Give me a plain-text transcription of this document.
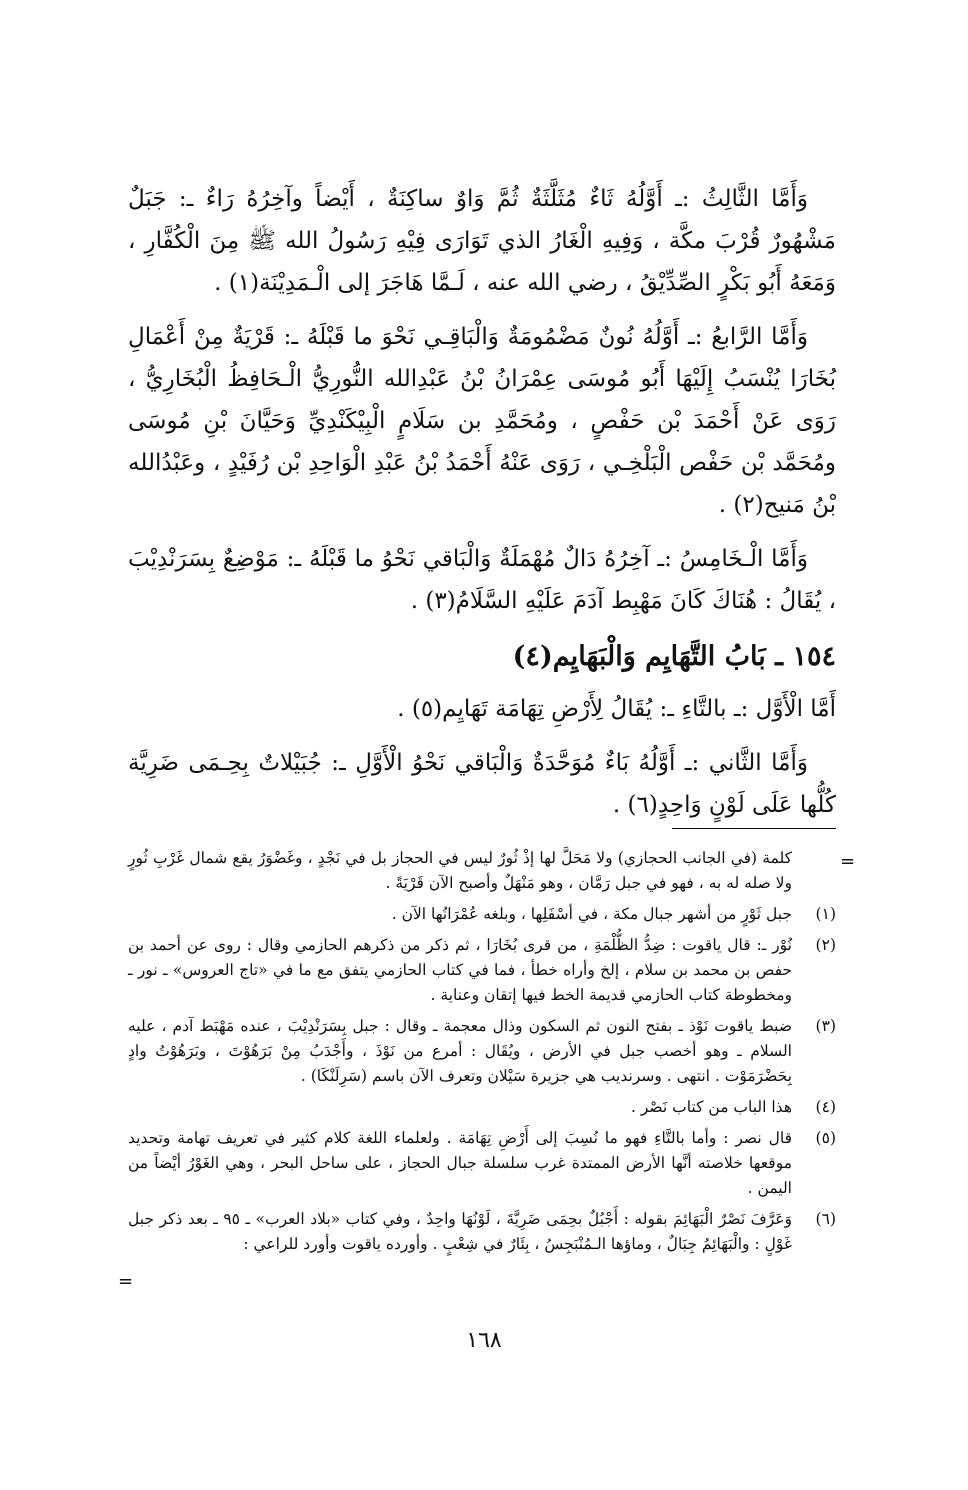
وَأَمَّا الثَّالِثُ :ـ أَوَّلُهُ ثَاءٌ مُثَلَّثَةٌ ثُمَّ وَاوٌ ساكِنَةٌ ، أَيْضاً وآخِرُهُ رَاءٌ ـ: جَبَلٌ مَشْهُورٌ قُرْبَ مكَّة ، وَفِيهِ الْغَارُ الذي تَوَارَى فِيْهِ رَسُولُ الله ﷺ مِنَ الْكُفَّارِ ، وَمَعَهُ أَبُو بَكْرٍ الصِّدِّيْقُ ، رضي الله عنه ، لَـمَّا هَاجَرَ إلى الْـمَدِيْنَة(١) .

وَأَمَّا الرَّابعُ :ـ أَوَّلُهُ نُونٌ مَضْمُومَةٌ وَالْبَاقِـي نَحْوَ ما قَبْلَهُ ـ: قَرْيَةٌ مِنْ أَعْمَالِ بُخَارَا يُنْسَبُ إِلَيْهَا أَبُو مُوسَى عِمْرَانُ بْنُ عَبْدِالله النُّورِيُّ الْـحَافِظُ الْبُخَارِيُّ ، رَوَى عَنْ أَحْمَدَ بْن حَفْصٍ ، ومُحَمَّدِ بن سَلَامٍ الْبِيْكَنْدِيِّ وَحَيَّانَ بْنِ مُوسَى ومُحَمَّد بْن حَفْص الْبَلْخِـي ، رَوَى عَنْهُ أَحْمَدُ بْنُ عَبْدِ الْوَاحِدِ بْن رُفَيْدٍ ، وعَبْدُالله بْنُ مَنيح(٢) .

وَأَمَّا الْـخَامِسُ :ـ آخِرُهُ دَالٌ مُهْمَلَةٌ وَالْبَاقي نَحْوُ ما قَبْلَهُ ـ: مَوْضِعٌ بِسَرَنْدِيْبَ ، يُقَالُ : هُنَاكَ كَانَ مَهْبِط آدَمَ عَلَيْهِ السَّلَامُ(٣) .

١٥٤ ـ بَابُ التَّهَايِم وَالْبَهَايِم(٤)

أَمَّا الْأَوَّل :ـ بالتَّاءِ ـ: يُقَالُ لِأَرْضِ تِهَامَة تَهَايِم(٥) .

وَأَمَّا الثَّاني :ـ أَوَّلُهُ بَاءٌ مُوَحَّدَةٌ وَالْبَاقي نَحْوُ الْأَوَّلِ ـ: جُبَيْلاتٌ بِحِـمَى ضَرِيَّة كُلُّها عَلَى لَوْنٍ وَاحِدٍ(٦) .

=
كلمة (في الجانب الحجازي) ولا مَحَلَّ لها إذْ ثُورٌ ليس في الحجاز بل في نَجْدٍ ، وغَضْوَرُ يقع شمال غَرْبِ ثُورٍ ولا صله له به ، فهو في جبل رَمَّان ، وهو مَنْهَلٌ وأصبح الآن قَرْيَةً .
(١)
جبل ثَوْرٍ من أشهر جبال مكة ، في أسْفَلِها ، وبلغه عُمْرَانُها الآن .
(٢)
نُوْر ـ: قال ياقوت : ضِدُّ الظُّلْمَةِ ، من قرى بُخَارَا ، ثم ذكر من ذكرهم الحازمي وقال : روى عن أحمد بن حفص بن محمد بن سلام ، إلخ وأراه خطأ ، فما في كتاب الحازمي يتفق مع ما في «تاج العروس» ـ نور ـ ومخطوطة كتاب الحازمي قديمة الخط فيها إتقان وعناية .
(٣)
ضبط ياقوت نَوْذ ـ بفتح النون ثم السكون وذال معجمة ـ وقال : جبل بِسَرَنْدِيْبَ ، عنده مَهْبَط آدم ، عليه السلام ـ وهو أخصب جبل في الأرض ، ويُقَال : أمرع من نَوْذَ ، وأَجْدَبُ مِنْ بَرَهُوْتَ ، وبَرَهُوْتُ وادٍ بِحَضْرَمَوْت . انتهى . وسرنديب هي جزيرة سَيْلان وتعرف الآن باسم (سَرِلَنْكَا) .
(٤)
هذا الباب من كتاب نَصْر .
(٥)
قال نصر : وأما بالتَّاءِ فهو ما نُسِبَ إلى أَرْضِ تِهَامَة . ولعلماء اللغة كلام كثير في تعريف تهامة وتحديد موقعها خلاصته أنَّها الأرض الممتدة غرب سلسلة جبال الحجاز ، على ساحل البحر ، وهي الغَوْرُ أيْضاً من اليمن .
(٦)
وَعَرَّفَ نَصْرٌ الْبَهَائِمَ بقوله : أَجْبُلٌ بحِمَى ضَرِيَّةَ ، لَوْنُهَا واحِدٌ ، وفي كتاب «بلاد العرب» ـ ٩٥ ـ بعد ذكر جبل غَوْلٍ : والْبَهَائِمُ جِبَالٌ ، وماؤها الـمُنْبَجِسُ ، بِئَارٌ في شِعْبٍ . وأورده ياقوت وأورد للراعي :
=
١٦٨
